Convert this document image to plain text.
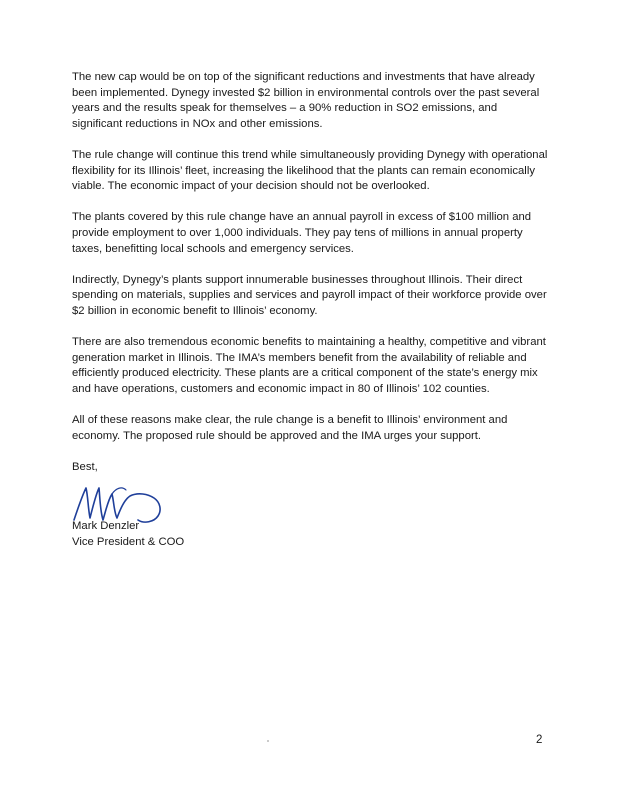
The new cap would be on top of the significant reductions and investments that have already been implemented. Dynegy invested $2 billion in environmental controls over the past several years and the results speak for themselves – a 90% reduction in SO2 emissions, and significant reductions in NOx and other emissions.

The rule change will continue this trend while simultaneously providing Dynegy with operational flexibility for its Illinois’ fleet, increasing the likelihood that the plants can remain economically viable. The economic impact of your decision should not be overlooked.

The plants covered by this rule change have an annual payroll in excess of $100 million and provide employment to over 1,000 individuals. They pay tens of millions in annual property taxes, benefitting local schools and emergency services.

Indirectly, Dynegy’s plants support innumerable businesses throughout Illinois. Their direct spending on materials, supplies and services and payroll impact of their workforce provide over $2 billion in economic benefit to Illinois’ economy.

There are also tremendous economic benefits to maintaining a healthy, competitive and vibrant generation market in Illinois. The IMA’s members benefit from the availability of reliable and efficiently produced electricity. These plants are a critical component of the state’s energy mix and have operations, customers and economic impact in 80 of Illinois’ 102 counties.

All of these reasons make clear, the rule change is a benefit to Illinois’ environment and economy. The proposed rule should be approved and the IMA urges your support.

Best,

Mark Denzler
Vice President & COO
2
